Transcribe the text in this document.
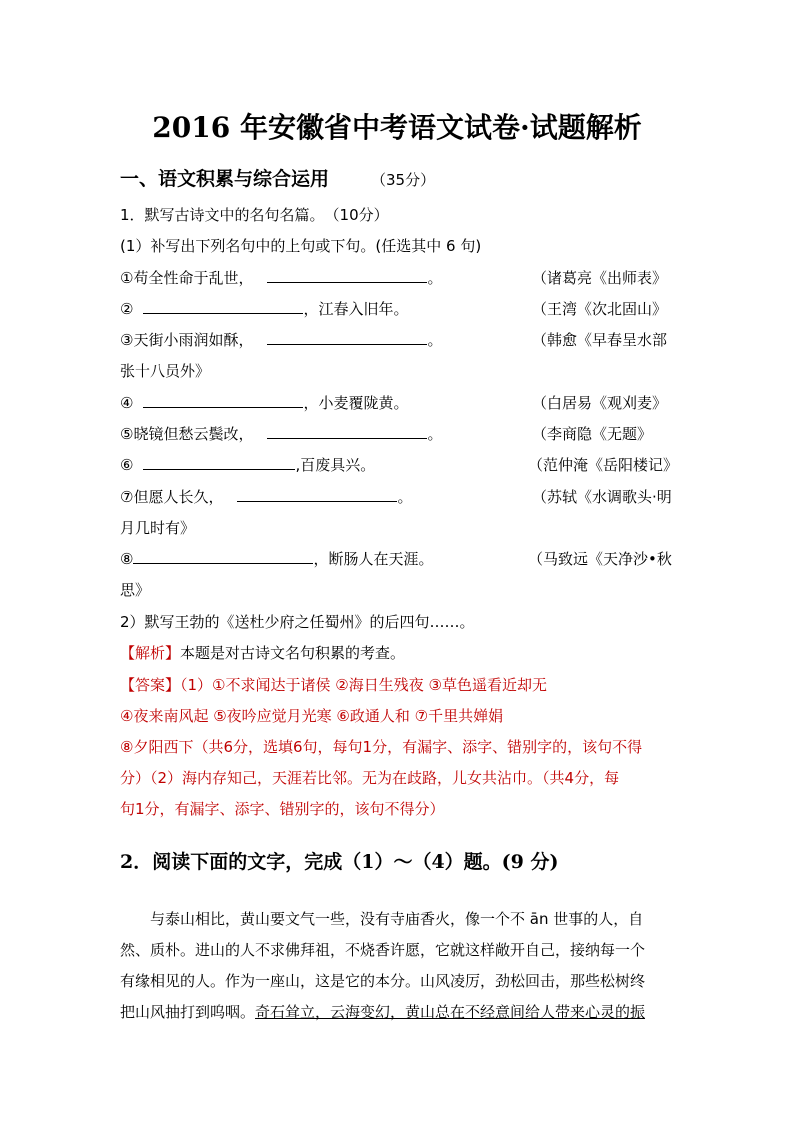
2016 年安徽省中考语文试卷·试题解析
一、语文积累与综合运用	（35分）
1．默写古诗文中的名句名篇。　（10分）
(1）补写出下列名句中的上句或下句。(任选其中 6 句)
①苟全性命于乱世，	。	（诸葛亮《出师表》
②	，江春入旧年。	（王湾《次北固山》
③天街小雨润如酥，	。	（韩愈《早春呈水部
张十八员外》
④	，小麦覆陇黄。	（白居易《观刈麦》
⑤晓镜但愁云鬓改，	。	（李商隐《无题》
⑥	,百废具兴。	（范仲淹《岳阳楼记》
⑦但愿人长久，	。	（苏轼《水调歌头·明
月几时有》
⑧	，断肠人在天涯。	（马致远《天净沙•秋
思》
2）默写王勃的《送杜少府之任蜀州》的后四句……。
【解析】本题是对古诗文名句积累的考查。
【答案】（1）①不求闻达于诸侯 ②海日生残夜 ③草色遥看近却无
④夜来南风起 ⑤夜吟应觉月光寒 ⑥政通人和 ⑦千里共婵娟
⑧夕阳西下（共6分，选填6句，每句1分，有漏字、添字、错别字的，该句不得
分）（2）海内存知己，天涯若比邻。无为在歧路，儿女共沾巾。（共4分，每
句1分，有漏字、添字、错别字的，该句不得分）
2．阅读下面的文字，完成（1）～（4）题。(9 分)
与泰山相比，黄山要文气一些，没有寺庙香火，像一个不 ān 世事的人，自
然、质朴。进山的人不求佛拜祖，不烧香许愿，它就这样敞开自己，接纳每一个
有缘相见的人。作为一座山，这是它的本分。山风凌厉，劲松回击，那些松树终
把山风抽打到呜咽。奇石耸立，云海变幻，黄山总在不经意间给人带来心灵的振
